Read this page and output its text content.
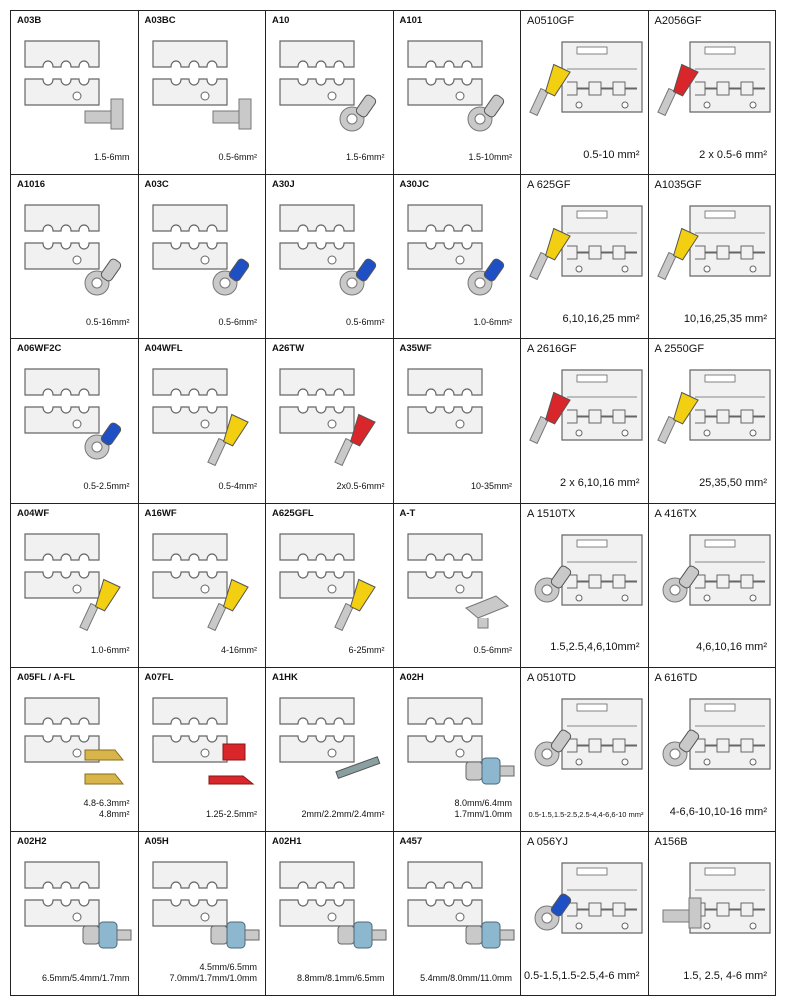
A03B
1.5-6mm
A03BC
0.5-6mm²
A10
1.5-6mm²
A101
1.5-10mm²
A0510GF
0.5-10 mm²
A2056GF
2 x 0.5-6 mm²
A1016
0.5-16mm²
A03C
0.5-6mm²
A30J
0.5-6mm²
A30JC
1.0-6mm²
A 625GF
6,10,16,25 mm²
A1035GF
10,16,25,35 mm²
A06WF2C
0.5-2.5mm²
A04WFL
0.5-4mm²
A26TW
2x0.5-6mm²
A35WF
10-35mm²
A 2616GF
2 x 6,10,16 mm²
A 2550GF
25,35,50 mm²
A04WF
1.0-6mm²
A16WF
4-16mm²
A625GFL
6-25mm²
A-T
0.5-6mm²
A 1510TX
1.5,2.5,4,6,10mm²
A 416TX
4,6,10,16 mm²
A05FL / A-FL
4.8-6.3mm²
4.8mm²
A07FL
1.25-2.5mm²
A1HK
2mm/2.2mm/2.4mm²
A02H
8.0mm/6.4mm
1.7mm/1.0mm
A 0510TD
0.5-1.5,1.5-2.5,2.5-4,4-6,6-10 mm²
A 616TD
4-6,6-10,10-16 mm²
A02H2
6.5mm/5.4mm/1.7mm
A05H
4.5mm/6.5mm
7.0mm/1.7mm/1.0mm
A02H1
8.8mm/8.1mm/6.5mm
A457
5.4mm/8.0mm/11.0mm
A 056YJ
0.5-1.5,1.5-2.5,4-6 mm²
A156B
1.5, 2.5, 4-6 mm²
